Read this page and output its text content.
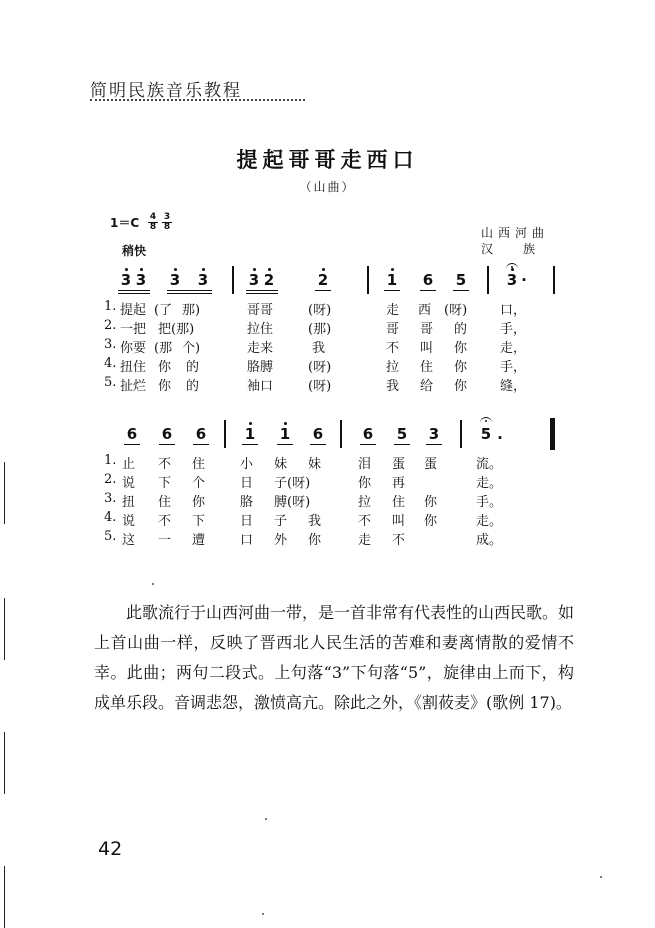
简明民族音乐教程
提起哥哥走西口
（山曲）
1＝C 4
8
3
8
稍快
山西河曲
汉族
3 3 3 3	3 2	2	1 6 5	3 ·
1. 提起 (了 那)	哥哥	(呀)	走 西 (呀)	口，
2. 一把 把(那)	拉住	(那)	哥 哥 的	手，
3. 你要 (那 个)	走来	我	不 叫 你	走，
4. 扭住 你 的	胳膊	(呀)	拉 住 你	手，
5. 扯烂 你 的	袖口	(呀)	我 给 你	缝，
6 6 6	1 1 6	6 5 3	5 .
1. 止 不 住	小 妹 妹	泪 蛋 蛋	流。
2. 说 下 个	日 子(呀)	你 再	走。
3. 扭 住 你	胳 膊(呀)	拉 住 你	手。
4. 说 不 下	日 子 我	不 叫 你	走。
5. 这 一 遭	口 外 你	走 不	成。
此歌流行于山西河曲一带，是一首非常有代表性的山西民歌。如上首山曲一样，反映了晋西北人民生活的苦难和妻离情散的爱情不幸。此曲；两句二段式。上句落“3”下句落“5”，旋律由上而下，构成单乐段。音调悲怨，激愤高亢。除此之外，《割莜麦》(歌例 17)。
42
